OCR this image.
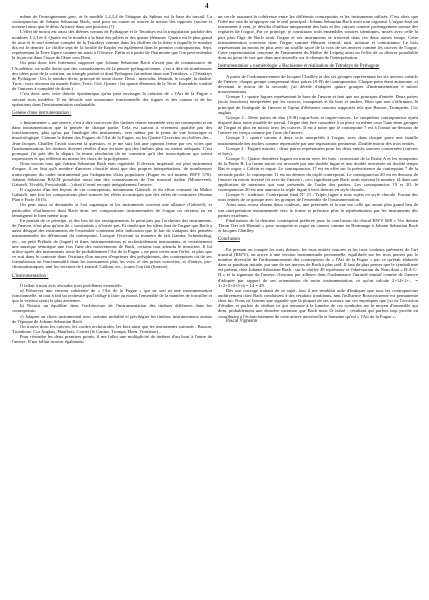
4

même de l'enseignement grec, et le modèle 1,2,3,4 de l'énigme du Sphinx est la base du travail. La contrapunctus de Johann Sebastian Bach, seul pour un canon se trouve la notion des opposés (racine et inverse) ainsi que le désir Aristote dans son position (?).

L'effet de miroir est aussi des thèmes connus de Pythagore et le Tetraktys est la tringulation parfaite des nombres 1,2,3 et 4. Quatre est le nombre à la base des piliers et des quatre éléments. Quatre est le plus grand de tous et le seul nombre complet de la Tetraktys comme dans les chiffres de la thèse à laquelle le nombre dix est le dernier. Le chiffre sept de la faculté de Kepler est également dans le premier contrapunctus. Sept, représentant la Terre figure comme un aussi à l'Oeuvre. Enfin et à partir de l'harmonie que l'on peut entendre la leçon est dans l'issue de l'âme vers Dieu.

On peut donc très fortement supposer que Johann Sebastian Bach n'avait pas de connaissance de l'Académie, ne nulle doute que des connaissances de la pensée pythagoricienne, c'est à dire de nombreuses des idées pour de la création, au triangle parfait et dont Pythagore fut-même dans son Tetraktys. « (Tétraktys de Pythagore : Un, le nombre divin, principe de toute chose. Deux : masculin, féminin, le couple, la dualité. Trois : trois niveaux du monde Enfer, Terre, Ciel. Quatre : les quatre éléments de la Terre. Ensemble: totalité de l'univers à complété de divin.)

C'est donc avec cette théorie épistémique qu'on peut envisager la création de « l'Art de la Fugue » suivant trois modèles. Il en découle une autonomie fonctionnelle des fugues et des canons et de les opérations dans l'instrumentation souhaitable.

Genèse d'une instrumentation :

« Instrumenter » une œuvre, c'est à dire concevoir des timbres réunis ensemble vers un contrepoint et un dans instrumentation que la pensée de chaque partie. Cela est surtout à vivement qualifié par des fonctionnaires, plus qu'on par l'analogie des instruments, vers même par le point de vue historique et musicologique. Comme le thème des Fugues de l'Art de la Fugue, ou les Quatre Clavecins en chiffres des... Jean-Jacques Chailley l'avait souvent la question, et je me suis fait une opinion ferme par ces voies que l'instrumentation, les timbres doivent révéler d'une écriture qui des timbres plus ou moins adéquats. C'est pourquoi j'ai pris dès le départ, la ferme résolution de ne consentir qu'à des transcriptions qui soient expressives et qui reflètent au mieux les choix de la polyphonie.

Nous savons tous que Johann Sebastian Bach était organiste. Il devrait, impératif, est plus instrument d'orgue, il ne faut qu'à nombre d'œuvres chosifie ainsi que des propres interprétations, de nombreuses transcriptions du cadre instrumental par l'adaptation d'airs populaires (Fugue en sol mineur BWV 578). Johann Sebastian BACH possédait aussi une des connaissances de l'art musical italien (Monteverdi, Gabrieli, Vivaldi, Frescobaldi ...) dont il avait recopié intégralement l'œuvre.

Il s'agissait d'un des leçons de ces contrepoints, notamment Gabrieli, et du effort constant du Maître Gabrieli, une fois les compositions pluri-sonores les effets acoustiques que des effets de contrastes (Sonata Pian e Forte 1615).

On peut aussi se demander si l'art organique et les instruments ouvrent une alliance (Gabrieli), et particulier d'influences dont Bach donc ses compositions instrumentales de l'orgue où certains en en témoignent le bien même trop.

En partant de ce principe, et des lors de ses enseignements, le point pris par l'orchestre des instruments, de l'œuvre, n'est plus qu'une de « constraints » n'existe pas. Et rendu que les idées font de l'orgue que Bach a aussi désigné des instruments de l'ensemble contenant telle indication que le fait de s'adapter des pensées instrumentales les définissant du contrepoint. Lorsque l'écrivant sa manière de fait Gamba, Schenkeling, etc., un petit Prélude de (fugue) et fines instrumentations et orchestralement instruments, et certainement une musique sémitique une fois l'une des mouvements de Bach, certains tout attendu le musicien. Il lui utilise après des instruments toute de probablement l'Art de la Fugue » ne peut certes une l'effet, et plus que ce soit dans le contexte dans l'écriture d'un moyen d'exprimer des polyphonies, des contrepoints où de ses formulations en fonctionnalité dans les instruments plus les voix, et des prises concrètes, et d'autres, pro-chromatismiques, tant les versions de Leonard, Gallien, etc., toutes l'on fait (Inrasse).

L'instrumentation :

Il fallait à mon avis résoudre trois problèmes essentiels :

a) Préserver une version cohérente de « l'Art de la Fugue » qui ne soit ni une instrumentation fonctionnelle, ni tout à fait un orchestre qui l'oblige à faire au moins l'ensemble de la manière de travailler et que la version serait la plus ancienne.

b) Nourrir un équilibre dans l'architecture de l'instrumentation des timbres différents dans les contrepoints.

c) Adapter au choix instrumental avec certaine mobilité et privilégier les timbres instrumentaux autour de l'époque de Johann Sebastian Bach.

On trouve donc les cuivres, les cordes orchestrales, les bois ainsi que les instruments suivants : Basson, Trombone, Cor Anglais, Hautbois, Cornet (le Cantus, Trompa, Horn, Trombon)...

Pour résoudre les deux premiers points, il me fallut une multiplicité de timbres d'un bout à l'autre de l'œuvre. Il me fallait trouver également

un cercle assurant la cohérence entre les différents contrepoints et les instruments utilisés. C'est alors que l'idée me vint de m'appuyer sur le seul principal : Johann Sebastian Bach avait tout organisé. L'orgue était un instrument à vent, je décidai d'utiliser uniquement des bois et des cuivres comme prolongement sonore des registres de l'orgue. Par ce principe, je constituais trois ensembles sonores identiques, mixés avec celle la part plus l'âge de Bach avait l'orgue et ses instruments se trouvent dans ces deux autres temps. Cette instrumentation concerne donc l'orgue comme élément central, tutti, mixture et contrastants. Le bois représentant au moins en plus avec un souffle sacré de la voix de ses œuvres comme les cuivres de l'orgue. Cette représentation concerne de l'instrument du Maître de Leipzig ainsi en l'effet de sa diverse possibilité dont au point de vue que dans une nouvelle sur le chemin de l'interprétation.

Instrumentation « numérologie » Bachienne et réalisation de Tetraktys de Pythagore

A partir de l'ordonnancement de Jacques Chailley et des six groupes représentant les six œuvres créatifs de l'œuvre, chaque groupe comprenant deux paires (A-B) de contrapunctus. Chaque paire étant autonome, et devenant le miroir de la seconde, j'ai décidé d'adapter quatre groupes d'instrumentation à miroir mouvementaux.

Groupe 1 : quatre fugues représentant la base de l'œuvre et tant que ses principes d'entrée. Deux paires (trois fonctions) interprétées par les cuivres, trompettes et de bois et anches. Bien que non s'affirmant, le principal de l'intégrale de l'œuvre et l'ajout d'éléments sonores supportés tels que Basson, Trompette, Cor anglais.

Groupe 2 : Deux paires de duo (A-B) orgue-bois et orgue-cuivres. Le cinquième contrapunctus ayant disposé dans notre modèle de travail, l'orgue doit être considéré à sa place sa même ceux l'une deux groupes de l'orgue et plus en miroir avec les cuivres. Il est à noter que le contrepoint 7 est à l'instar au-dessous de l'œuvre est conçu comme par l'acte de l'œuvre.

Groupe 3 : quatre canons à deux voix interprétés à l'orgue, avec dans chaque paire une famille instrumentale des anches comme répertoriée par une registration pertinente. Double miroir des trois entités.

Groupe 4 : Fugues miroirs ; deux paires représentées pour les deux entités sonores concernées (cuivres et bois).

Groupe 5 : Quatre dernières fugues en miroir avec les bois ; nouveauté de la Partie A et les trompettes de la Partie B. La forme miroir est inversée par une double fugue et une double renversée où double tempo Bas et orgue « Calvin et orgue. Le contrapunctus 17 est en effet sur la préexistence du contrepoint 7 de la seconde partie, le contrepoint 11 est un dernier du triple contrepoint. Le contrapunctus 20 est en dessous de l'œuvre en miroir inversé (et avec de l'œuvre) ; ceci signifiant que Bach avait souvent le nombre 14 dans une application de notations qui sont présentés de l'ordre des parties. Les contrapunctus 19 et 20, le contrapunctus 20 est une annonce la triple fugue à trois thèmes en style chorale.

Groupe 6 : tradition. Contrepoint final N° 21 : Triple fugue à trois sujets en style chorale. Fusion des trois entités de ce groupe avec les groupes de l'ensemble de l'instrumentation.

Ainsi nous avons obtenu deux couleurs, une présentée et la une sur celle qui aurait plus grand lien de son interprétation instrumentale vers la forme et présence plus la représentation par les instruments des parties extrêmes.

Finalisation de la dernière contrepoint préférée pour la conclusion du choral BWV 668 « Vor deinen Thron Tret ich Hiermit » pour trompette et orgue en canons comme en Hommage à Johann Sebastian Bach et Jacques Chailley.

Conclusion

En prenant en compte les trois thèmes, les trois entités sonores et les trois couleurs présentes de l'art musical (BWV), on arrive à une version instrumentale personnelle, équilibrée sur les trois pierres par le nombre diversifié de l'ordonnancement des contrepoints de « l'Art de la Fugue » par ce qu'était élaborée dans sa partition initiale, par une de ses œuvres de Bach à plus tard. Il faut de plus penser que le symbolisme est présent chez Johann Sebastian Bach ; sur le chiffre 49 représente et l'abréviation du Nom dont « B-A-C-H » et la signature de l'œuvre, d'aucuns par ailleurs dans l'ordonnance l'intitulé intuitif comme de l'œuvre d'adopter par rapport de ses orientations de notre instrumentation, ce qu'on calcule 2+14+1+... = 1+2+3+4+5+6 = 14 = 49.

Dès son ouvrage traitant de ce sujet, tout il me semblait utile d'indiquer que tous les contrapunctus auditivement chez Bach conduisent à des résultats troublants, tant l'influence Rosicrucienne est permanente chez lui. Nous ne faisons que signaler que la plupart de ses travaux sur ces mystiques que j'ai eu l'occasion d'étudier et parfois de réaliser ce qui remonte à la lumière de ces symboles sur le moyen d'ensemble qui donc probablement une dernière variation que Bach nous l'a laissé ; résultant qui parfois trop proche en contribuant à l'éclaircissement de cette œuvre universelle et humaine qu'est « l'Art de la Fugue ».

Pascal Vigneron
